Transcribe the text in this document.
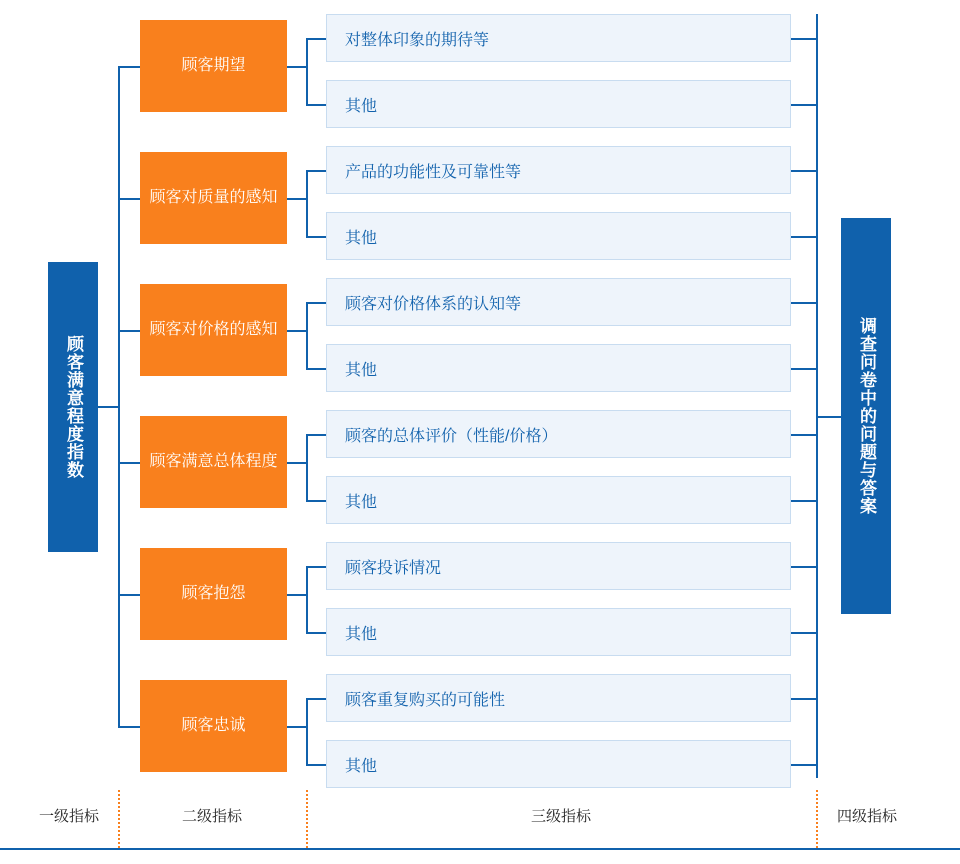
顾客满意程度指数
顾客期望
顾客对质量的感知
顾客对价格的感知
顾客满意总体程度
顾客抱怨
顾客忠诚
对整体印象的期待等
其他
产品的功能性及可靠性等
其他
顾客对价格体系的认知等
其他
顾客的总体评价（性能/价格）
其他
顾客投诉情况
其他
顾客重复购买的可能性
其他
调查问卷中的问题与答案
一级指标	二级指标	三级指标	四级指标
